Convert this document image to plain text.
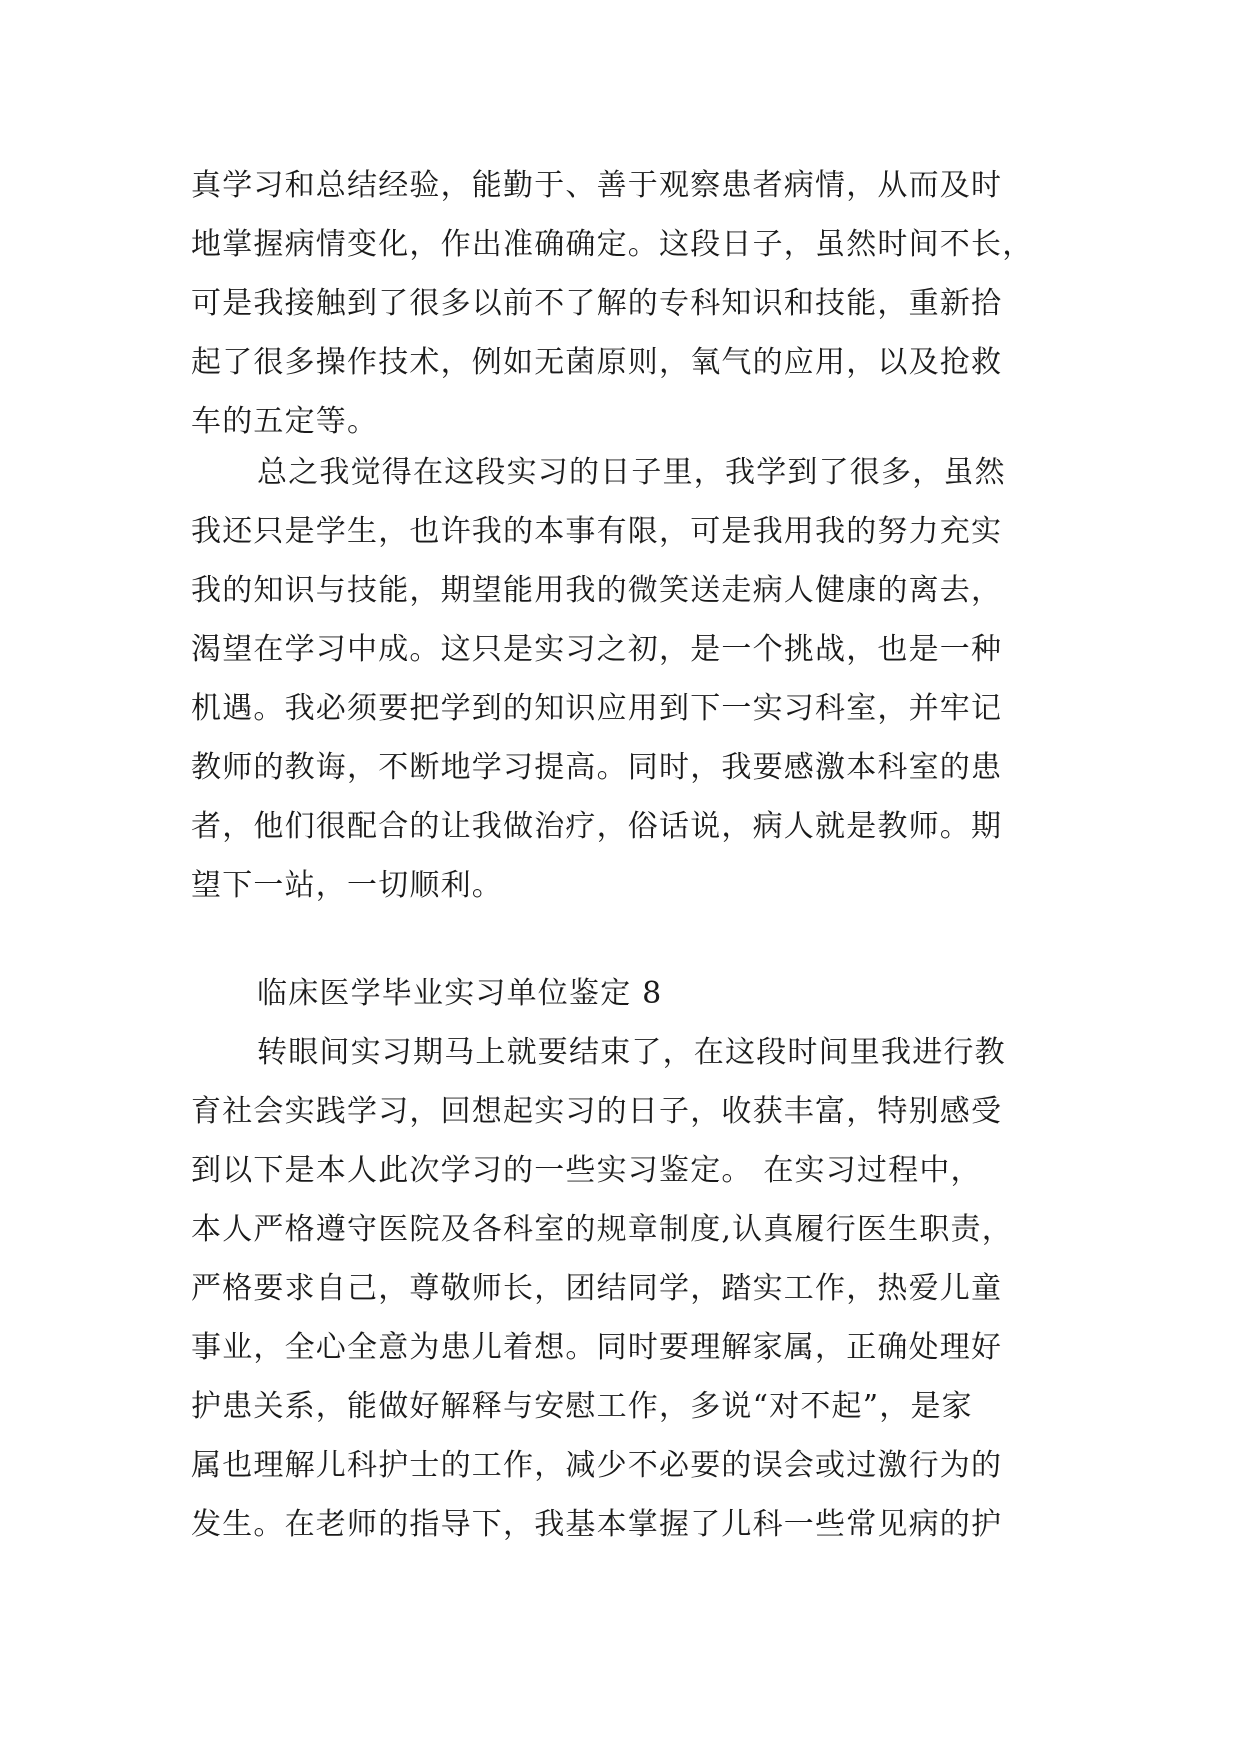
真学习和总结经验，能勤于、善于观察患者病情，从而及时
地掌握病情变化，作出准确确定。这段日子，虽然时间不长，
可是我接触到了很多以前不了解的专科知识和技能，重新拾
起了很多操作技术，例如无菌原则，氧气的应用，以及抢救
车的五定等。
总之我觉得在这段实习的日子里，我学到了很多，虽然
我还只是学生，也许我的本事有限，可是我用我的努力充实
我的知识与技能，期望能用我的微笑送走病人健康的离去，
渴望在学习中成。这只是实习之初，是一个挑战，也是一种
机遇。我必须要把学到的知识应用到下一实习科室，并牢记
教师的教诲，不断地学习提高。同时，我要感激本科室的患
者，他们很配合的让我做治疗，俗话说，病人就是教师。期
望下一站，一切顺利。
临床医学毕业实习单位鉴定 8
转眼间实习期马上就要结束了，在这段时间里我进行教
育社会实践学习，回想起实习的日子，收获丰富，特别感受
到以下是本人此次学习的一些实习鉴定。 在实习过程中，
本人严格遵守医院及各科室的规章制度,认真履行医生职责，
严格要求自己，尊敬师长，团结同学，踏实工作，热爱儿童
事业，全心全意为患儿着想。同时要理解家属，正确处理好
护患关系，能做好解释与安慰工作，多说“对不起”，是家
属也理解儿科护士的工作，减少不必要的误会或过激行为的
发生。在老师的指导下，我基本掌握了儿科一些常见病的护
